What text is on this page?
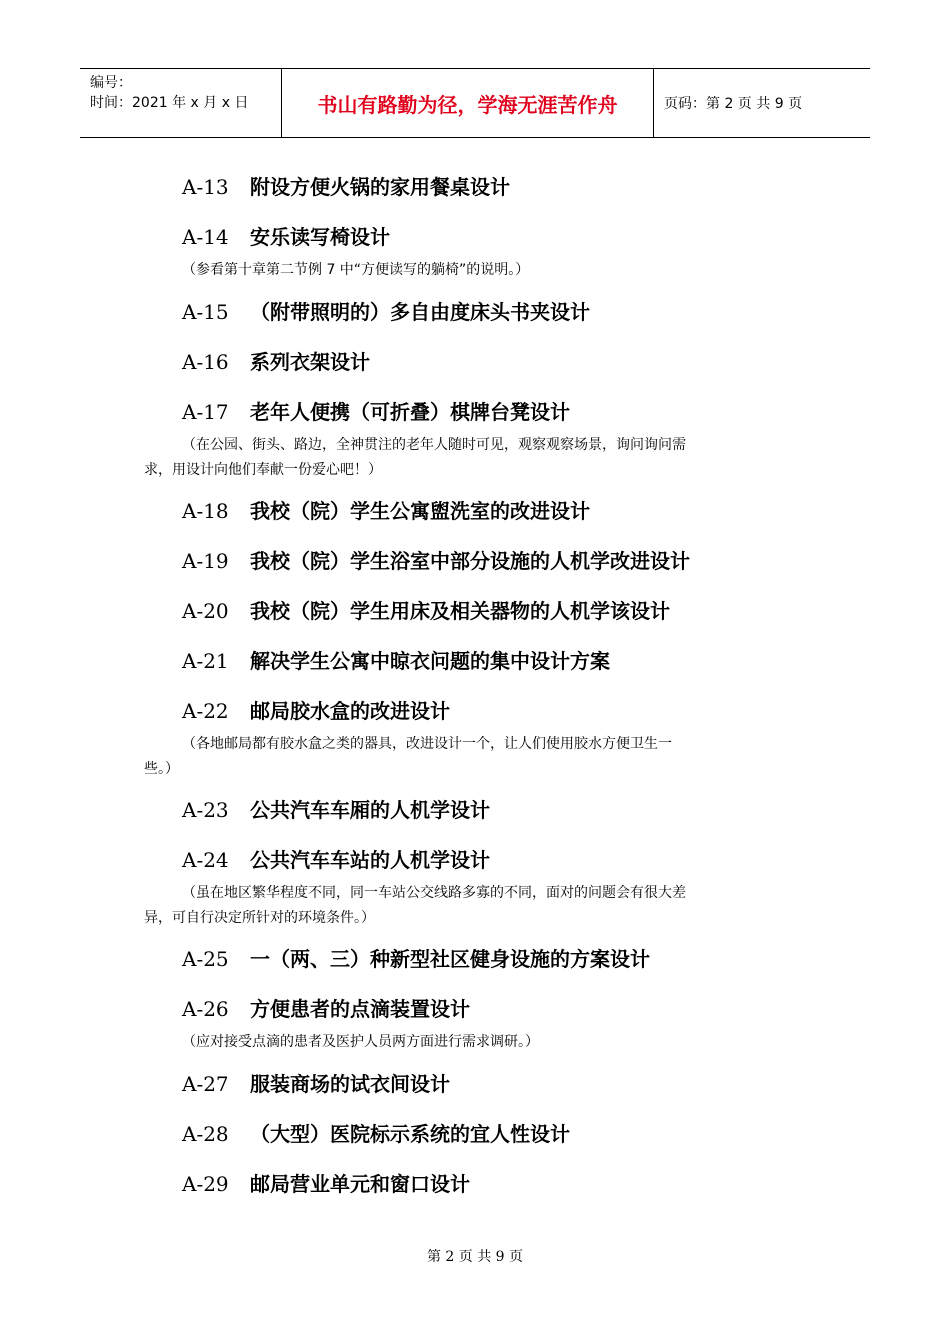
编号：
时间：2021 年 x 月 x 日	书山有路勤为径，学海无涯苦作舟	页码：第 2 页 共 9 页
A-13 附设方便火锅的家用餐桌设计
A-14 安乐读写椅设计
（参看第十章第二节例 7 中“方便读写的躺椅”的说明。）
A-15 （附带照明的）多自由度床头书夹设计
A-16 系列衣架设计
A-17 老年人便携（可折叠）棋牌台凳设计
（在公园、街头、路边，全神贯注的老年人随时可见，观察观察场景，询问询问需
求，用设计向他们奉献一份爱心吧！）
A-18 我校（院）学生公寓盥洗室的改进设计
A-19 我校（院）学生浴室中部分设施的人机学改进设计
A-20 我校（院）学生用床及相关器物的人机学该设计
A-21 解决学生公寓中晾衣问题的集中设计方案
A-22 邮局胶水盒的改进设计
（各地邮局都有胶水盒之类的器具，改进设计一个，让人们使用胶水方便卫生一
些。）
A-23 公共汽车车厢的人机学设计
A-24 公共汽车车站的人机学设计
（虽在地区繁华程度不同，同一车站公交线路多寡的不同，面对的问题会有很大差
异，可自行决定所针对的环境条件。）
A-25 一（两、三）种新型社区健身设施的方案设计
A-26 方便患者的点滴装置设计
（应对接受点滴的患者及医护人员两方面进行需求调研。）
A-27 服装商场的试衣间设计
A-28 （大型）医院标示系统的宜人性设计
A-29 邮局营业单元和窗口设计
第 2 页 共 9 页
